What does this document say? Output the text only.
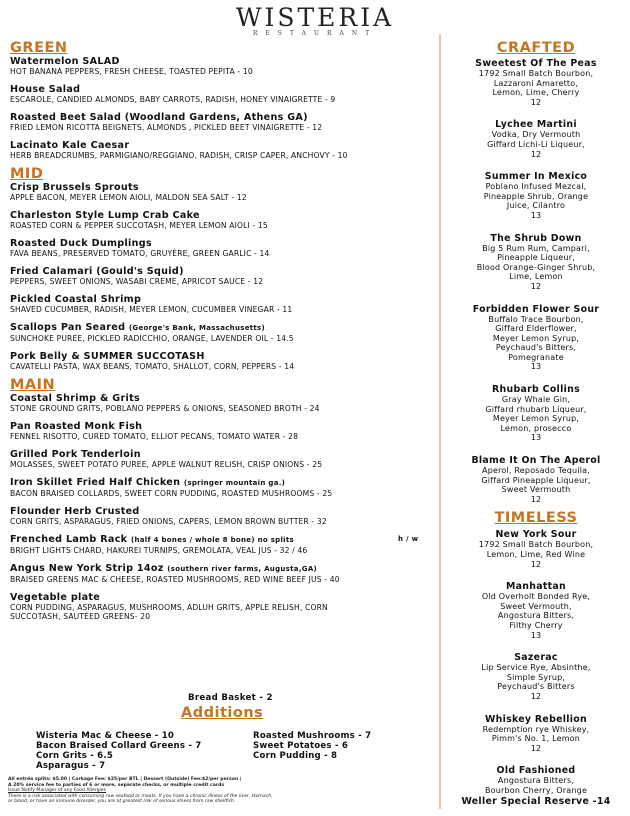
WISTERIA
RESTAURANT
GREEN
Watermelon SALAD
HOT BANANA PEPPERS, FRESH CHEESE, TOASTED PEPITA - 10
House Salad
ESCAROLE, CANDIED ALMONDS, BABY CARROTS, RADISH, HONEY VINAIGRETTE - 9
Roasted Beet Salad (Woodland Gardens, Athens GA)
FRIED LEMON RICOTTA BEIGNETS, ALMONDS , PICKLED BEET VINAIGRETTE - 12
Lacinato Kale Caesar
HERB BREADCRUMBS, PARMIGIANO/REGGIANO, RADISH, CRISP CAPER, ANCHOVY - 10
MID
Crisp Brussels Sprouts
APPLE BACON, MEYER LEMON AIOLI, MALDON SEA SALT - 12
Charleston Style Lump Crab Cake
ROASTED CORN & PEPPER SUCCOTASH, MEYER LEMON AIOLI - 15
Roasted Duck Dumplings
FAVA BEANS, PRESERVED TOMATO, GRUYÈRE, GREEN GARLIC - 14
Fried Calamari (Gould's Squid)
PEPPERS, SWEET ONIONS, WASABI CREME, APRICOT SAUCE - 12
Pickled Coastal Shrimp
SHAVED CUCUMBER, RADISH, MEYER LEMON, CUCUMBER VINEGAR - 11
Scallops Pan Seared (George's Bank, Massachusetts)
SUNCHOKE PUREE, PICKLED RADICCHIO, ORANGE, LAVENDER OIL - 14.5
Pork Belly & SUMMER SUCCOTASH
CAVATELLI PASTA, WAX BEANS, TOMATO, SHALLOT, CORN, PEPPERS - 14
MAIN
Coastal Shrimp & Grits
STONE GROUND GRITS, POBLANO PEPPERS & ONIONS, SEASONED BROTH - 24
Pan Roasted Monk Fish
FENNEL RISOTTO, CURED TOMATO, ELLIOT PECANS, TOMATO WATER - 28
Grilled Pork Tenderloin
MOLASSES, SWEET POTATO PUREE, APPLE WALNUT RELISH, CRISP ONIONS - 25
Iron Skillet Fried Half Chicken (springer mountain ga.)
BACON BRAISED COLLARDS, SWEET CORN PUDDING, ROASTED MUSHROOMS - 25
Flounder Herb Crusted
CORN GRITS, ASPARAGUS, FRIED ONIONS, CAPERS, LEMON BROWN BUTTER - 32
Frenched Lamb Rack (half 4 bones / whole 8 bone) no splits	h / w
BRIGHT LIGHTS CHARD, HAKUREI TURNIPS, GREMOLATA, VEAL JUS - 32 / 46
Angus New York Strip 14oz (southern river farms, Augusta,GA)
BRAISED GREENS MAC & CHEESE, ROASTED MUSHROOMS, RED WINE BEEF JUS - 40
Vegetable plate
CORN PUDDING, ASPARAGUS, MUSHROOMS, ADLUH GRITS, APPLE RELISH, CORN
SUCCOTASH, SAUTÉED GREENS- 20
Bread Basket - 2
Additions
Wisteria Mac & Cheese - 10
Bacon Braised Collard Greens - 7
Corn Grits - 6.5
Asparagus - 7
Roasted Mushrooms - 7
Sweet Potatoes - 6
Corn Pudding - 8
All entrée splits: $5.00 | Corkage Fee: $25/per BTL | Dessert (Outside) Fee:$2/per person |
A 20% service fee to parties of 6 or more, separate checks, or multiple credit cards
Issue Notify Manager of any Food Allergies
There is a risk associated with consuming raw seafood or meats. If you have a chronic illness of the liver, stomach,
or blood, or have an immune disorder, you are at greatest risk of serious illness from raw shellfish.
CRAFTED
Sweetest Of The Peas
1792 Small Batch Bourbon,
Lazzaroni Amaretto,
Lemon, Lime, Cherry
12
Lychee Martini
Vodka, Dry Vermouth
Giffard Lichi-Li Liqueur,
12
Summer In Mexico
Poblano Infused Mezcal,
Pineapple Shrub, Orange
Juice, Cilantro
13
The Shrub Down
Big 5 Rum Rum, Campari,
Pineapple Liqueur,
Blood Orange-Ginger Shrub,
Lime, Lemon
12
Forbidden Flower Sour
Buffalo Trace Bourbon,
Giffard Elderflower,
Meyer Lemon Syrup,
Peychaud's Bitters,
Pomegranate
13
Rhubarb Collins
Gray Whale Gin,
Giffard rhubarb Liqueur,
Meyer Lemon Syrup,
Lemon, prosecco
13
Blame It On The Aperol
Aperol, Reposado Tequila,
Giffard Pineapple Liqueur,
Sweet Vermouth
12
TIMELESS
New York Sour
1792 Small Batch Bourbon,
Lemon, Lime, Red Wine
12
Manhattan
Old Overholt Bonded Rye,
Sweet Vermouth,
Angostura Bitters,
Filthy Cherry
13
Sazerac
Lip Service Rye, Absinthe,
Simple Syrup,
Peychaud's Bitters
12
Whiskey Rebellion
Redemption rye Whiskey,
Pimm's No. 1, Lemon
12
Old Fashioned
Angostura Bitters,
Bourbon Cherry, Orange
Weller Special Reserve -14
